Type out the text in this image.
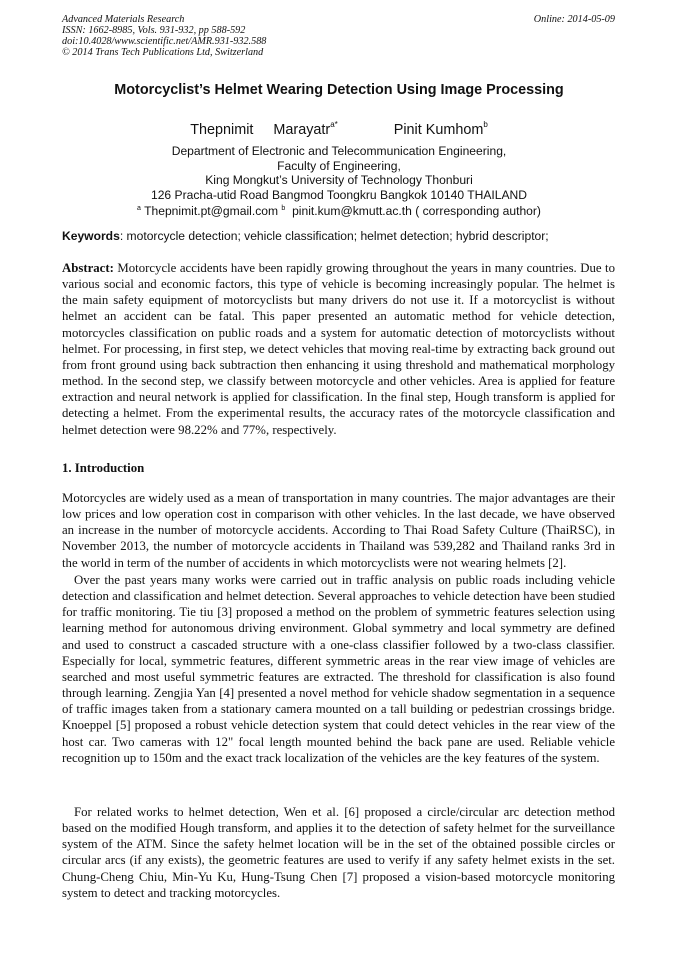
Advanced Materials Research
ISSN: 1662-8985, Vols. 931-932, pp 588-592
doi:10.4028/www.scientific.net/AMR.931-932.588
© 2014 Trans Tech Publications Ltd, Switzerland
Online: 2014-05-09
Motorcyclist’s Helmet Wearing Detection Using Image Processing
Thepnimit Marayatr$^{a*}$	Pinit Kumhom$^b$
Department of Electronic and Telecommunication Engineering,
Faculty of Engineering,
King Mongkut’s University of Technology Thonburi
126 Pracha-utid Road Bangmod Toongkru Bangkok 10140 THAILAND
$^a$ Thepnimit.pt@gmail.com $^b$ pinit.kum@kmutt.ac.th ( corresponding author)
Keywords: motorcycle detection; vehicle classification; helmet detection; hybrid descriptor;
Abstract: Motorcycle accidents have been rapidly growing throughout the years in many countries. Due to various social and economic factors, this type of vehicle is becoming increasingly popular. The helmet is the main safety equipment of motorcyclists but many drivers do not use it. If a motorcyclist is without helmet an accident can be fatal. This paper presented an automatic method for vehicle detection, motorcycles classification on public roads and a system for automatic detection of motorcyclists without helmet. For processing, in first step, we detect vehicles that moving real-time by extracting back ground out from front ground using back subtraction then enhancing it using threshold and mathematical morphology method. In the second step, we classify between motorcycle and other vehicles. Area is applied for feature extraction and neural network is applied for classification. In the final step, Hough transform is applied for detecting a helmet. From the experimental results, the accuracy rates of the motorcycle classification and helmet detection were 98.22% and 77%, respectively.
1. Introduction
Motorcycles are widely used as a mean of transportation in many countries. The major advantages are their low prices and low operation cost in comparison with other vehicles. In the last decade, we have observed an increase in the number of motorcycle accidents. According to Thai Road Safety Culture (ThaiRSC), in November 2013, the number of motorcycle accidents in Thailand was 539,282 and Thailand ranks 3rd in the world in term of the number of accidents in which motorcyclists were not wearing helmets [2].
Over the past years many works were carried out in traffic analysis on public roads including vehicle detection and classification and helmet detection. Several approaches to vehicle detection have been studied for traffic monitoring. Tie tiu [3] proposed a method on the problem of symmetric features selection using learning method for autonomous driving environment. Global symmetry and local symmetry are defined and used to construct a cascaded structure with a one-class classifier followed by a two-class classifier. Especially for local, symmetric features, different symmetric areas in the rear view image of vehicles are searched and most useful symmetric features are extracted. The threshold for classification is also found through learning. Zengjia Yan [4] presented a novel method for vehicle shadow segmentation in a sequence of traffic images taken from a stationary camera mounted on a tall building or pedestrian crossings bridge. Knoeppel [5] proposed a robust vehicle detection system that could detect vehicles in the rear view of the host car. Two cameras with 12" focal length mounted behind the back pane are used. Reliable vehicle recognition up to 150m and the exact track localization of the vehicles are the key features of the system.
For related works to helmet detection, Wen et al. [6] proposed a circle/circular arc detection method based on the modified Hough transform, and applies it to the detection of safety helmet for the surveillance system of the ATM. Since the safety helmet location will be in the set of the obtained possible circles or circular arcs (if any exists), the geometric features are used to verify if any safety helmet exists in the set. Chung-Cheng Chiu, Min-Yu Ku, Hung-Tsung Chen [7] proposed a vision-based motorcycle monitoring system to detect and tracking motorcycles.
